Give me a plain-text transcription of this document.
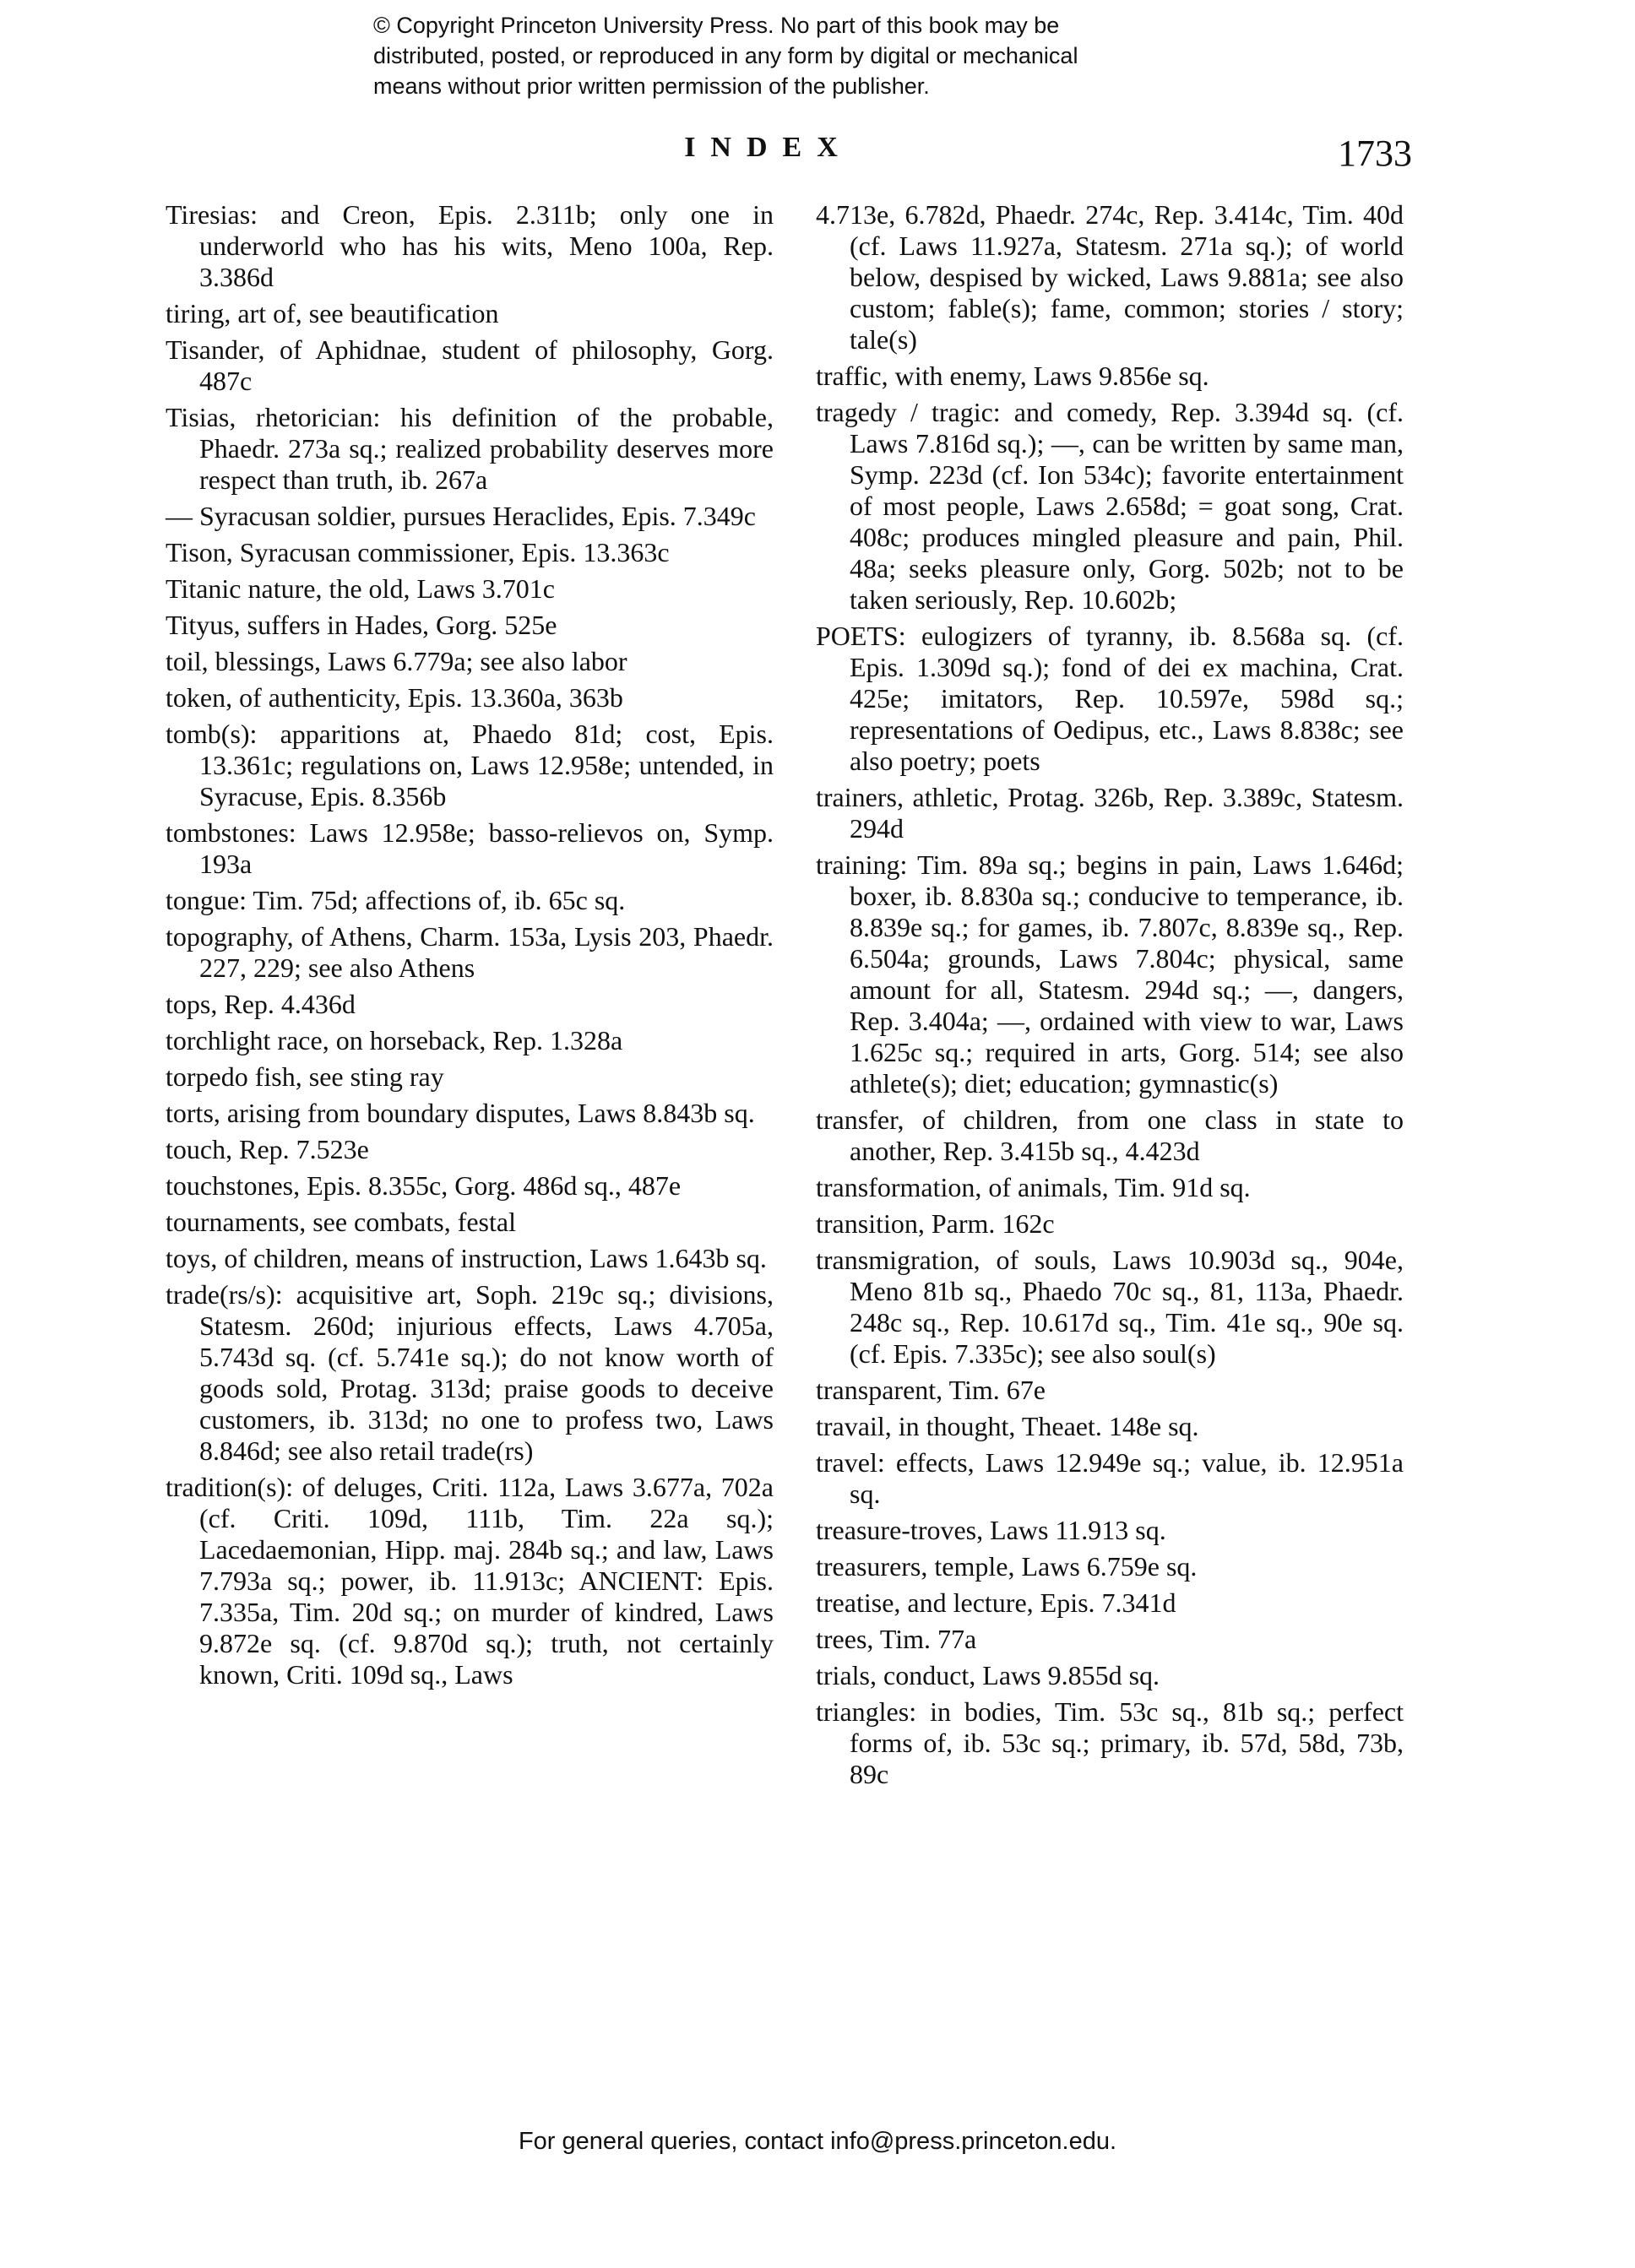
© Copyright Princeton University Press. No part of this book may be
distributed, posted, or reproduced in any form by digital or mechanical
means without prior written permission of the publisher.
INDEX	1733
Tiresias: and Creon, Epis. 2.311b; only one in underworld who has his wits, Meno 100a, Rep. 3.386d
tiring, art of, see beautification
Tisander, of Aphidnae, student of philosophy, Gorg. 487c
Tisias, rhetorician: his definition of the probable, Phaedr. 273a sq.; realized probability deserves more respect than truth, ib. 267a
— Syracusan soldier, pursues Heraclides, Epis. 7.349c
Tison, Syracusan commissioner, Epis. 13.363c
Titanic nature, the old, Laws 3.701c
Tityus, suffers in Hades, Gorg. 525e
toil, blessings, Laws 6.779a; see also labor
token, of authenticity, Epis. 13.360a, 363b
tomb(s): apparitions at, Phaedo 81d; cost, Epis. 13.361c; regulations on, Laws 12.958e; untended, in Syracuse, Epis. 8.356b
tombstones: Laws 12.958e; basso-relievos on, Symp. 193a
tongue: Tim. 75d; affections of, ib. 65c sq.
topography, of Athens, Charm. 153a, Lysis 203, Phaedr. 227, 229; see also Athens
tops, Rep. 4.436d
torchlight race, on horseback, Rep. 1.328a
torpedo fish, see sting ray
torts, arising from boundary disputes, Laws 8.843b sq.
touch, Rep. 7.523e
touchstones, Epis. 8.355c, Gorg. 486d sq., 487e
tournaments, see combats, festal
toys, of children, means of instruction, Laws 1.643b sq.
trade(rs/s): acquisitive art, Soph. 219c sq.; divisions, Statesm. 260d; injurious effects, Laws 4.705a, 5.743d sq. (cf. 5.741e sq.); do not know worth of goods sold, Protag. 313d; praise goods to deceive customers, ib. 313d; no one to profess two, Laws 8.846d; see also retail trade(rs)
tradition(s): of deluges, Criti. 112a, Laws 3.677a, 702a (cf. Criti. 109d, 111b, Tim. 22a sq.); Lacedaemonian, Hipp. maj. 284b sq.; and law, Laws 7.793a sq.; power, ib. 11.913c; ANCIENT: Epis. 7.335a, Tim. 20d sq.; on murder of kindred, Laws 9.872e sq. (cf. 9.870d sq.); truth, not certainly known, Criti. 109d sq., Laws
4.713e, 6.782d, Phaedr. 274c, Rep. 3.414c, Tim. 40d (cf. Laws 11.927a, Statesm. 271a sq.); of world below, despised by wicked, Laws 9.881a; see also custom; fable(s); fame, common; stories / story; tale(s)
traffic, with enemy, Laws 9.856e sq.
tragedy / tragic: and comedy, Rep. 3.394d sq. (cf. Laws 7.816d sq.); —, can be written by same man, Symp. 223d (cf. Ion 534c); favorite entertainment of most people, Laws 2.658d; = goat song, Crat. 408c; produces mingled pleasure and pain, Phil. 48a; seeks pleasure only, Gorg. 502b; not to be taken seriously, Rep. 10.602b;
POETS: eulogizers of tyranny, ib. 8.568a sq. (cf. Epis. 1.309d sq.); fond of dei ex machina, Crat. 425e; imitators, Rep. 10.597e, 598d sq.; representations of Oedipus, etc., Laws 8.838c; see also poetry; poets
trainers, athletic, Protag. 326b, Rep. 3.389c, Statesm. 294d
training: Tim. 89a sq.; begins in pain, Laws 1.646d; boxer, ib. 8.830a sq.; conducive to temperance, ib. 8.839e sq.; for games, ib. 7.807c, 8.839e sq., Rep. 6.504a; grounds, Laws 7.804c; physical, same amount for all, Statesm. 294d sq.; —, dangers, Rep. 3.404a; —, ordained with view to war, Laws 1.625c sq.; required in arts, Gorg. 514; see also athlete(s); diet; education; gymnastic(s)
transfer, of children, from one class in state to another, Rep. 3.415b sq., 4.423d
transformation, of animals, Tim. 91d sq.
transition, Parm. 162c
transmigration, of souls, Laws 10.903d sq., 904e, Meno 81b sq., Phaedo 70c sq., 81, 113a, Phaedr. 248c sq., Rep. 10.617d sq., Tim. 41e sq., 90e sq. (cf. Epis. 7.335c); see also soul(s)
transparent, Tim. 67e
travail, in thought, Theaet. 148e sq.
travel: effects, Laws 12.949e sq.; value, ib. 12.951a sq.
treasure-troves, Laws 11.913 sq.
treasurers, temple, Laws 6.759e sq.
treatise, and lecture, Epis. 7.341d
trees, Tim. 77a
trials, conduct, Laws 9.855d sq.
triangles: in bodies, Tim. 53c sq., 81b sq.; perfect forms of, ib. 53c sq.; primary, ib. 57d, 58d, 73b, 89c
For general queries, contact info@press.princeton.edu.
